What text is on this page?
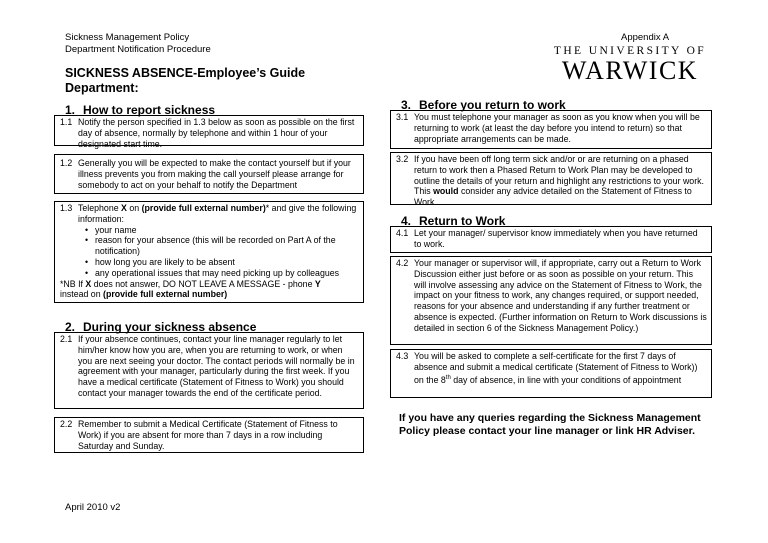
Sickness Management Policy
Department Notification Procedure
Appendix A
THE UNIVERSITY OF
WARWICK
SICKNESS ABSENCE-Employee’s Guide
Department:
1. How to report sickness
1.1 Notify the person specified in 1.3 below as soon as possible on the first day of absence, normally by telephone and within 1 hour of your designated start time.
1.2 Generally you will be expected to make the contact yourself but if your illness prevents you from making the call yourself please arrange for somebody to act on your behalf to notify the Department
1.3 Telephone X on (provide full external number)* and give the following information:
• your name
• reason for your absence (this will be recorded on Part A of the notification)
• how long you are likely to be absent
• any operational issues that may need picking up by colleagues
*NB If X does not answer, DO NOT LEAVE A MESSAGE - phone Y
instead on (provide full external number)
2. During your sickness absence
2.1 If your absence continues, contact your line manager regularly to let him/her know how you are, when you are returning to work, or when you are next seeing your doctor. The contact periods will normally be in agreement with your manager, particularly during the first week. If you have a medical certificate (Statement of Fitness to Work) you should contact your manager towards the end of the certificate period.
2.2 Remember to submit a Medical Certificate (Statement of Fitness to Work) if you are absent for more than 7 days in a row including Saturday and Sunday.
3. Before you return to work
3.1 You must telephone your manager as soon as you know when you will be returning to work (at least the day before you intend to return) so that appropriate arrangements can be made.
3.2 If you have been off long term sick and/or or are returning on a phased return to work then a Phased Return to Work Plan may be developed to outline the details of your return and highlight any restrictions to your work. This would consider any advice detailed on the Statement of Fitness to Work.
4. Return to Work
4.1 Let your manager/ supervisor know immediately when you have returned to work.
4.2 Your manager or supervisor will, if appropriate, carry out a Return to Work Discussion either just before or as soon as possible on your return. This will involve assessing any advice on the Statement of Fitness to Work, the impact on your fitness to work, any changes required, or support needed, reasons for your absence and understanding if any further treatment or absence is expected. (Further information on Return to Work discussions is detailed in section 6 of the Sickness Management Policy.)
4.3 You will be asked to complete a self-certificate for the first 7 days of absence and submit a medical certificate (Statement of Fitness to Work)) on the 8th day of absence, in line with your conditions of appointment
If you have any queries regarding the Sickness Management Policy please contact your line manager or link HR Adviser.
April 2010 v2
